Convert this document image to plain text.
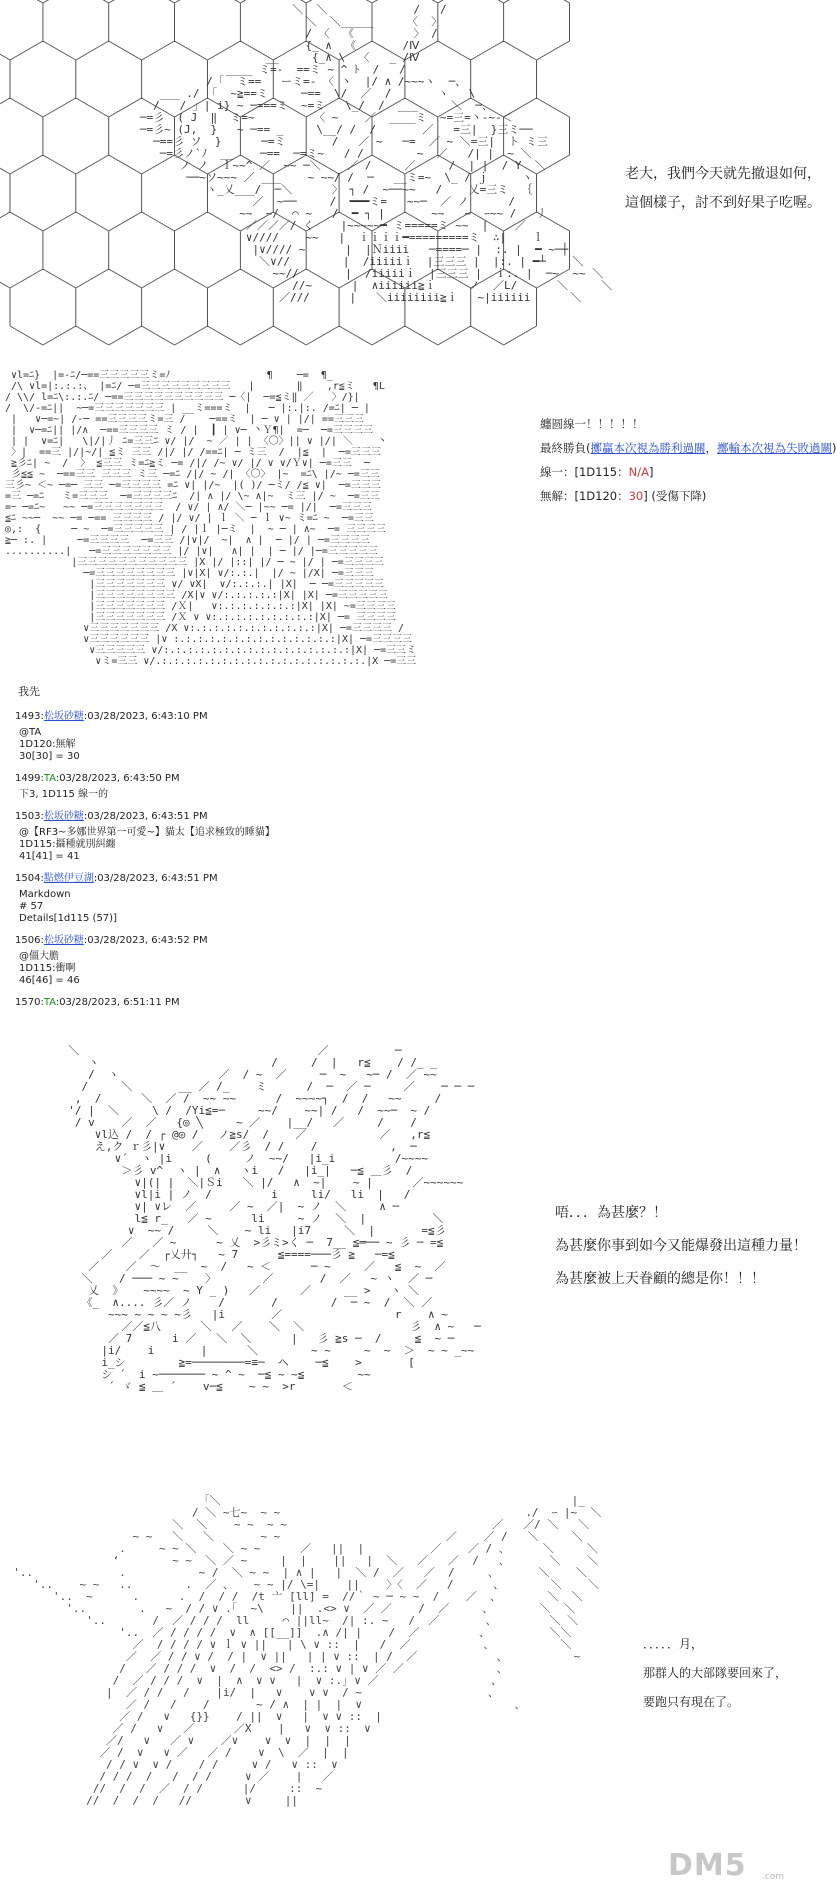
＼  ＼             /   /
＼  ＼_____     〈  〉
/ 〈  《         〉 /
{_ ∧  《       /Ⅳ
__     {_∧ \  〈   _ /Ⅳ
____ ミ=-  ==ミ ~ ^ ﾄ  /   /
/「  ミ==   ーミ=- 〈 丶  |/ ∧ /~~~ヽ  ─、
___ ./ 「  ~≧==ミ     ─==  \/  ／  /       ヽ   \
/   / 」| i} ~ ─===ミ  ~=ミ   \_/  /  ___     ＼  ─、
─=彡  ( J  ‖  ミ=~         〈 ~    ／  ____ミ  ~=三=丶-~-＜
─=彡~ (J,  }   ~ ─== _     \__/ /  /       ／   =三|  }三ミ──
─==彡 ソ  }      ─=ミ       /   ／ ~   ─=  ／ ~ ＼=三|  ト ミ三
─=彡ノ`ﾉ  __    ─==  ─=ミ~   / /        ~  ／   /| |  ~ ＼
ノ ノ  ｌ~~^ ／  ~~ ─＼    ／ /     ／     /  | |  / Y  ＼
──~ソ~~~ ／ ___    ~ ~~/ /  ─   __ミ=~  \_ / ｊ     ヽ
ヽ_乂___/  ─＼      〉 ┐ /  ~──~~   /    乂=三ミ  ｛
／  ~──     /  ━━━ミ=   ~~─  ／ ノ      /
~~  ~/  ⌒ ~   /  ━ ┐ |       ~~   ~  ｰ~~ /   丿
／／／／/ く    |~~~~~━ ミ=====ミ ~~  |    ／
∨////    ~~   |  ｉｉｉｉ━=========ミ  ∴|    ｌ
|∨//// ~      |  |Ｎiiii   ─====─ |  :. |  ━ ~─┼
＼∨//        |  /iiiiiｉ  |三三三 |  |:. | ━┴    ＼
~~//       |  /iiiiiｉ  |三三三 |  ｉ:. |  ─~  ~~ ＼
//~      |  ∧iiiiii≧ｉ     ノ  ／L/      ＼     ＼
／///      |   ＼iiiiiiii≧ｉ   ~|iiiiii      ＼

老大，我們今天就先撤退如何，
這個樣子，討不到好果子吃喔。
∨l=ﾆ}  |=-ﾆ/─==三三三三三ミ=ﾉ                ¶    ─=  ¶_
/\ ∨l=|:.:.:、 |=ﾆ/ ─=三三三三三三三三三   |       ‖    ,r≦ミ   ¶L
/ \\/ l=ﾆ\:.:.ﾆ/ ─==三三三三三三三三三三 ─〈|  ─=≦ミ‖ ／   〉/}|
/  \/-=ﾆ||  ~─=三三三三三三三 | __ミ===ミ  |   ─ |:.|:. /=ﾆ| ─ |
|   ∨─=~| /-─ ==三三三三ミ=三 /    ─==ミ  | ─ ∨ | |/| ==三三三
|  ∨─=ﾆ|| |/∧  ─==三三三三 ミ / |  ┃ | ∨─ 丶Ｙ¶|  =─  ─=三三三三
| |  ∨=ﾆ|   \|/|丿 ﾆ=三三ﾆ ∨/ |/  ~ ／ | | 〈〇〉|| ∨ |/| ＼    丶
〉|  ==三 |/|~/| ≦ミ 三三 /|/ |/ /==ﾆ| ─ ミ三  /  |≦  |  ─=三三三
≧彡ﾆ| ~  /  〉 ≦三三 ミ=ﾆ≧ミ ─= /|/ /~ ∨/ |/ ∨ ∨/Ｙ∨| ─=三三  ─
彡≦≦ ~  ─==三三 三三三 ミ三 ─=ﾆ /|/ ~ /| 〈〇〉 |~  =ﾆ\ |/~ ─=三三
三彡~ ＜~ ─=─ 三三 ─=三三三三 =ﾆ ∨| |/~  |( )/ ─ミ/ /≦ ∨|  ─=三三三
=三 ─=ﾆ   ミ=三三三  ─=三三三三ﾆ  /| ∧ |/ \~ ∧|~  ミ三 |/ ~  ─=三三
=ｰ ─=ﾆ~   ~~ ─=三三三三三三三  / ∨/ | ∧/ ＼─ |~~ ─= |/|  ─=三三三
≦ﾆ ~~─  ~~ ─= ─== 三三三三 / |/ ∨/ | ｌ ＼ ─ ｌ ∨~ ミ=ﾆ ~  ─=三三
◎,:  {     ─ ~  ─=三三三三三 | / |ｌ |─ミ  |  ~ ─ | ∧~  ─= 三三三三
≧─ :. |     ─=三三三三  ─=三三 /|∨|/  ~|  ∧ |  ─ |/ | ─=三三三三
..........|   ─=三三三三三三三 |/ |∨|   ∧| |  | ─ |/ |─=三三三三三
|三三三三三三三三三三三 |X |/ |::| |/ ─ ~ |/ | ─=三三三三
─=三三三三三三三三 |∨|X| ∨/:.:.|  |/ ~ |/X| ─=三三三
|三三三三三三三 ∨/ ∨X|  ∨/:.:.:.| |X|  ─ ─=三三三三三
|三三三三三三三三 /X|∨ ∨/:.:.:.:.:|X| |X| ─=三三三三三
|三三三三三三三 /Ｘ|   ∨:.:.:.:.:.:.:|X| |X| ~=三三三三
|三三三三三三三 /Ｘ ∨ ∨:.:.:.:.:.:.:.:.:|X| ─= 三三三三
∨三三三三三三三 /X ∨:.:.:.:.:.:.:.:.:.:.:|X| ─=三三三三 /
∨三三三三三三 |∨ :.:.:.:.:.:.:.:.:.:.:.:.:.:|X| ─=三三三三
∨三三三三三 ∨/:.:.:.:.:.:.:.:.:.:.:.:.:.:.:.:|X| ─=三三ミ
∨ミ=三三 ∨/.:.:.:.:.:.:.:.:.:.:.:.:.:.:.:.:.:.|X ─=三三

纏圆線一！！！！！
最終勝負(擲贏本次視為勝利過關，擲輸本次視為失敗過關)
線一：[1D115：N/A]
無解：[1D120：30] (受傷下降)
我先
1493:松坂砂糖:03/28/2023, 6:43:10 PM
@TA
1D120:無解
30[30] = 30
1499:TA:03/28/2023, 6:43:50 PM
下3, 1D115 線一的
1503:松坂砂糖:03/28/2023, 6:43:51 PM
@【RF3~多娜世界第一可愛~】貓太【追求極致的睡貓】
1D115:攝種就別糾纏
41[41] = 41
1504:點燃伊豆湖:03/28/2023, 6:43:51 PM
Markdown
# 57
Details[1d115 (57)]
1506:松坂砂糖:03/28/2023, 6:43:52 PM
@僵大膽
1D115:衝啊
46[46] = 46
1570:TA:03/28/2023, 6:51:11 PM
＼                                    ／          ─
ヽ                          /     /  |   r≦    / /_ _
/  ヽ               ／  / ~  ／     ─  ~   ~─ /  ／ ~~
/     ＼       __ ／ /_    ミ      /  ─  ／ ─     ／    ─ ─ ─
,  /      ＼  ／ /  ~~ ~~      /  ~~~~┐  /  /   ~~     /
'/ |  ＼     \ /  /Yi≦=─     ~~/    ~~| /   /  ~~─  ~ /
/ v    ／  ／   {◎ ╲     ~ ／    |__/   ／     /    /
∨l込 /  / ┌ @◎ /   ノ≧s/  /    ／           ／   ,r≦
え,ク ｒ彡|∨    ／    ／彡  / /    /           ,  ─
∨´  ヽ |i     (     ノ  ~~/   |i_i         /~~~~
＞彡 v^  ヽ |  ∧   ヽi   /   |i_|   ─≦ ＿彡  /
∨|(| |  ＼|Ｓi   ＼ |/   ∧  ~|    ~ |      ／~~~~~~
∨l|i | ノ  /         i     li/   li  |   /
∨| ∨レ  ／     ／ ~  ／|  ~ ノ  ＼     ∧ ─
l≦ r_   ／ ~      li     ~ ノ  ＼  |          ＼
∨  ~~ /     ＼    ~ li   |i7     ＼  |       =≦彡
／   ／ ~      ~ 乂  >彡ミ>く ─  7__ ≦═── ~ 彡 ─ =≦
／    ／  ┌乂廾┐   ~ 7      ≦====───彡 ≧   ─=≦
／    ／  ～  __  ~  /   ~ ＜      ─ ~     ／   ≦  ~  ／
＼    / ─── ~ ~    〉       ／       /  ／   ~ ヽ  ／ ─
乂  》   ~~~~  ~ Y _ )   ／      ／     __ >   ヽ ＼
《_  ∧.... 彡／ ノ    /       /        /  ─ ~  /  ＼ ／
~~~ ~ ~ ~ ~彡   |i       ／                 r    ∧ ~
／／≦八      ＼   ／    ＼  ＼                彡  ∧ ~   ─
／ 7      i ／   ＼  ＼      |   彡 ≧s ─  /     ≦  ~ ─
|i/    i       |      ＼        ~ ~     ~  ~  ＞  ~ ~ _~~
i_シ        ≧=────────=≡─  ヘ    ─≦    >       [
シ ´  i ~─────── ~ ^ ~  ─≦ ~ ~≦        ~~
´ ゞ ≦ ＿ ´    v─≦    ~ ~  >r       ＜

唔．．．為甚麼？！
為甚麼你事到如今又能爆發出這種力量！
為甚麼被上天眷顧的總是你！！！
「＼                                                     |_
/ ＼ ~七~  ~ ~                                     ./  ｰ |~  ＼
＼  ＼    ~ ~  ~ ~                               ／   ／/ ＼   ＼
~ ~   ＼   ＼       ~ ~                         ／    ／ /   ＼     ＼
.     ~ ~ ＼    ＼ ~ ~      ／   ||  |          ／    ／ / 、     ＼     ＼
‘        ~ ~  ＼ ／ ~     |  |    ||   |  ＼   ／   ／  /   、      ＼    ＼
'..             .           ~ /  ＼ ~ ~  | ∧ |   |  ＼ /  ／   ／  /     、      ＼    ＼
'..    ~ ~   ..        .  ／ 、   ~ ~ |/ \=|    ||    〉〈  ／   /      、       ＼    ＼
'..  ~      .      .  /  / /  /t 亠 [ll] =  //｀ ~ ─ ~ ~  /    ／  、       ＼  ＼
'..        .   ~  / / ∨ .｢  ~\    ||  .<> ∨  ／ ／    /  ／     、       ＼  ＼
'..       /  ／ / / /  ll     ⌒ ||ll~  /| :. ~   /  ／       、        ＼ ＼
'..  ／ / / / /  ∨  ∧ [[__]]  .∧ /| |    /  ／         、         ＼＼
／  / / / / ∨ ｌ ∨ ||   | \ ∨ ::  |   /  ／           、          ＼
／  ／ / / ∨ /  / |  ∨ ||   | | ∨ ::  | /  ／            、          ~
/   ／ / / /  ∨  /  /  <> /  :.: ∨ | ∨ ／ ／              、
/  ／ / / /  ∨  |  ∧  ∨ ∨   |  ∨ :.｣ ∨ ／                 、
|  ／ / /   /    |i/  |   ∨    ∨ ∨  / ~                   、
／ /   /    /       ~ / ∧  | |  |  ∨                       、
／ /   ∨   {}}    / ||  ∨   |  ∨ ∨ ::  |
／ /   ∨   ／      ／X    |   ∨  ∨ ::  ∨
／/   ∨   ／ ∨    ／∨    ∨  ∨  |  |  |
／ /  ∨   ∨ ／   ／ /    ∨  \  ／  |  |
/ / ∨  ∨ /    / /     ∨ /   ∨ ::  ∨
/ / /  /   /  / /     ∨ ／    |   ／
//  /  /  ／  / /      |/     ::  ~
//  /  /  /   //        ∨     ||

．．．．．月，
那群人的大部隊要回來了，
要跑只有現在了。
DM5 .com
